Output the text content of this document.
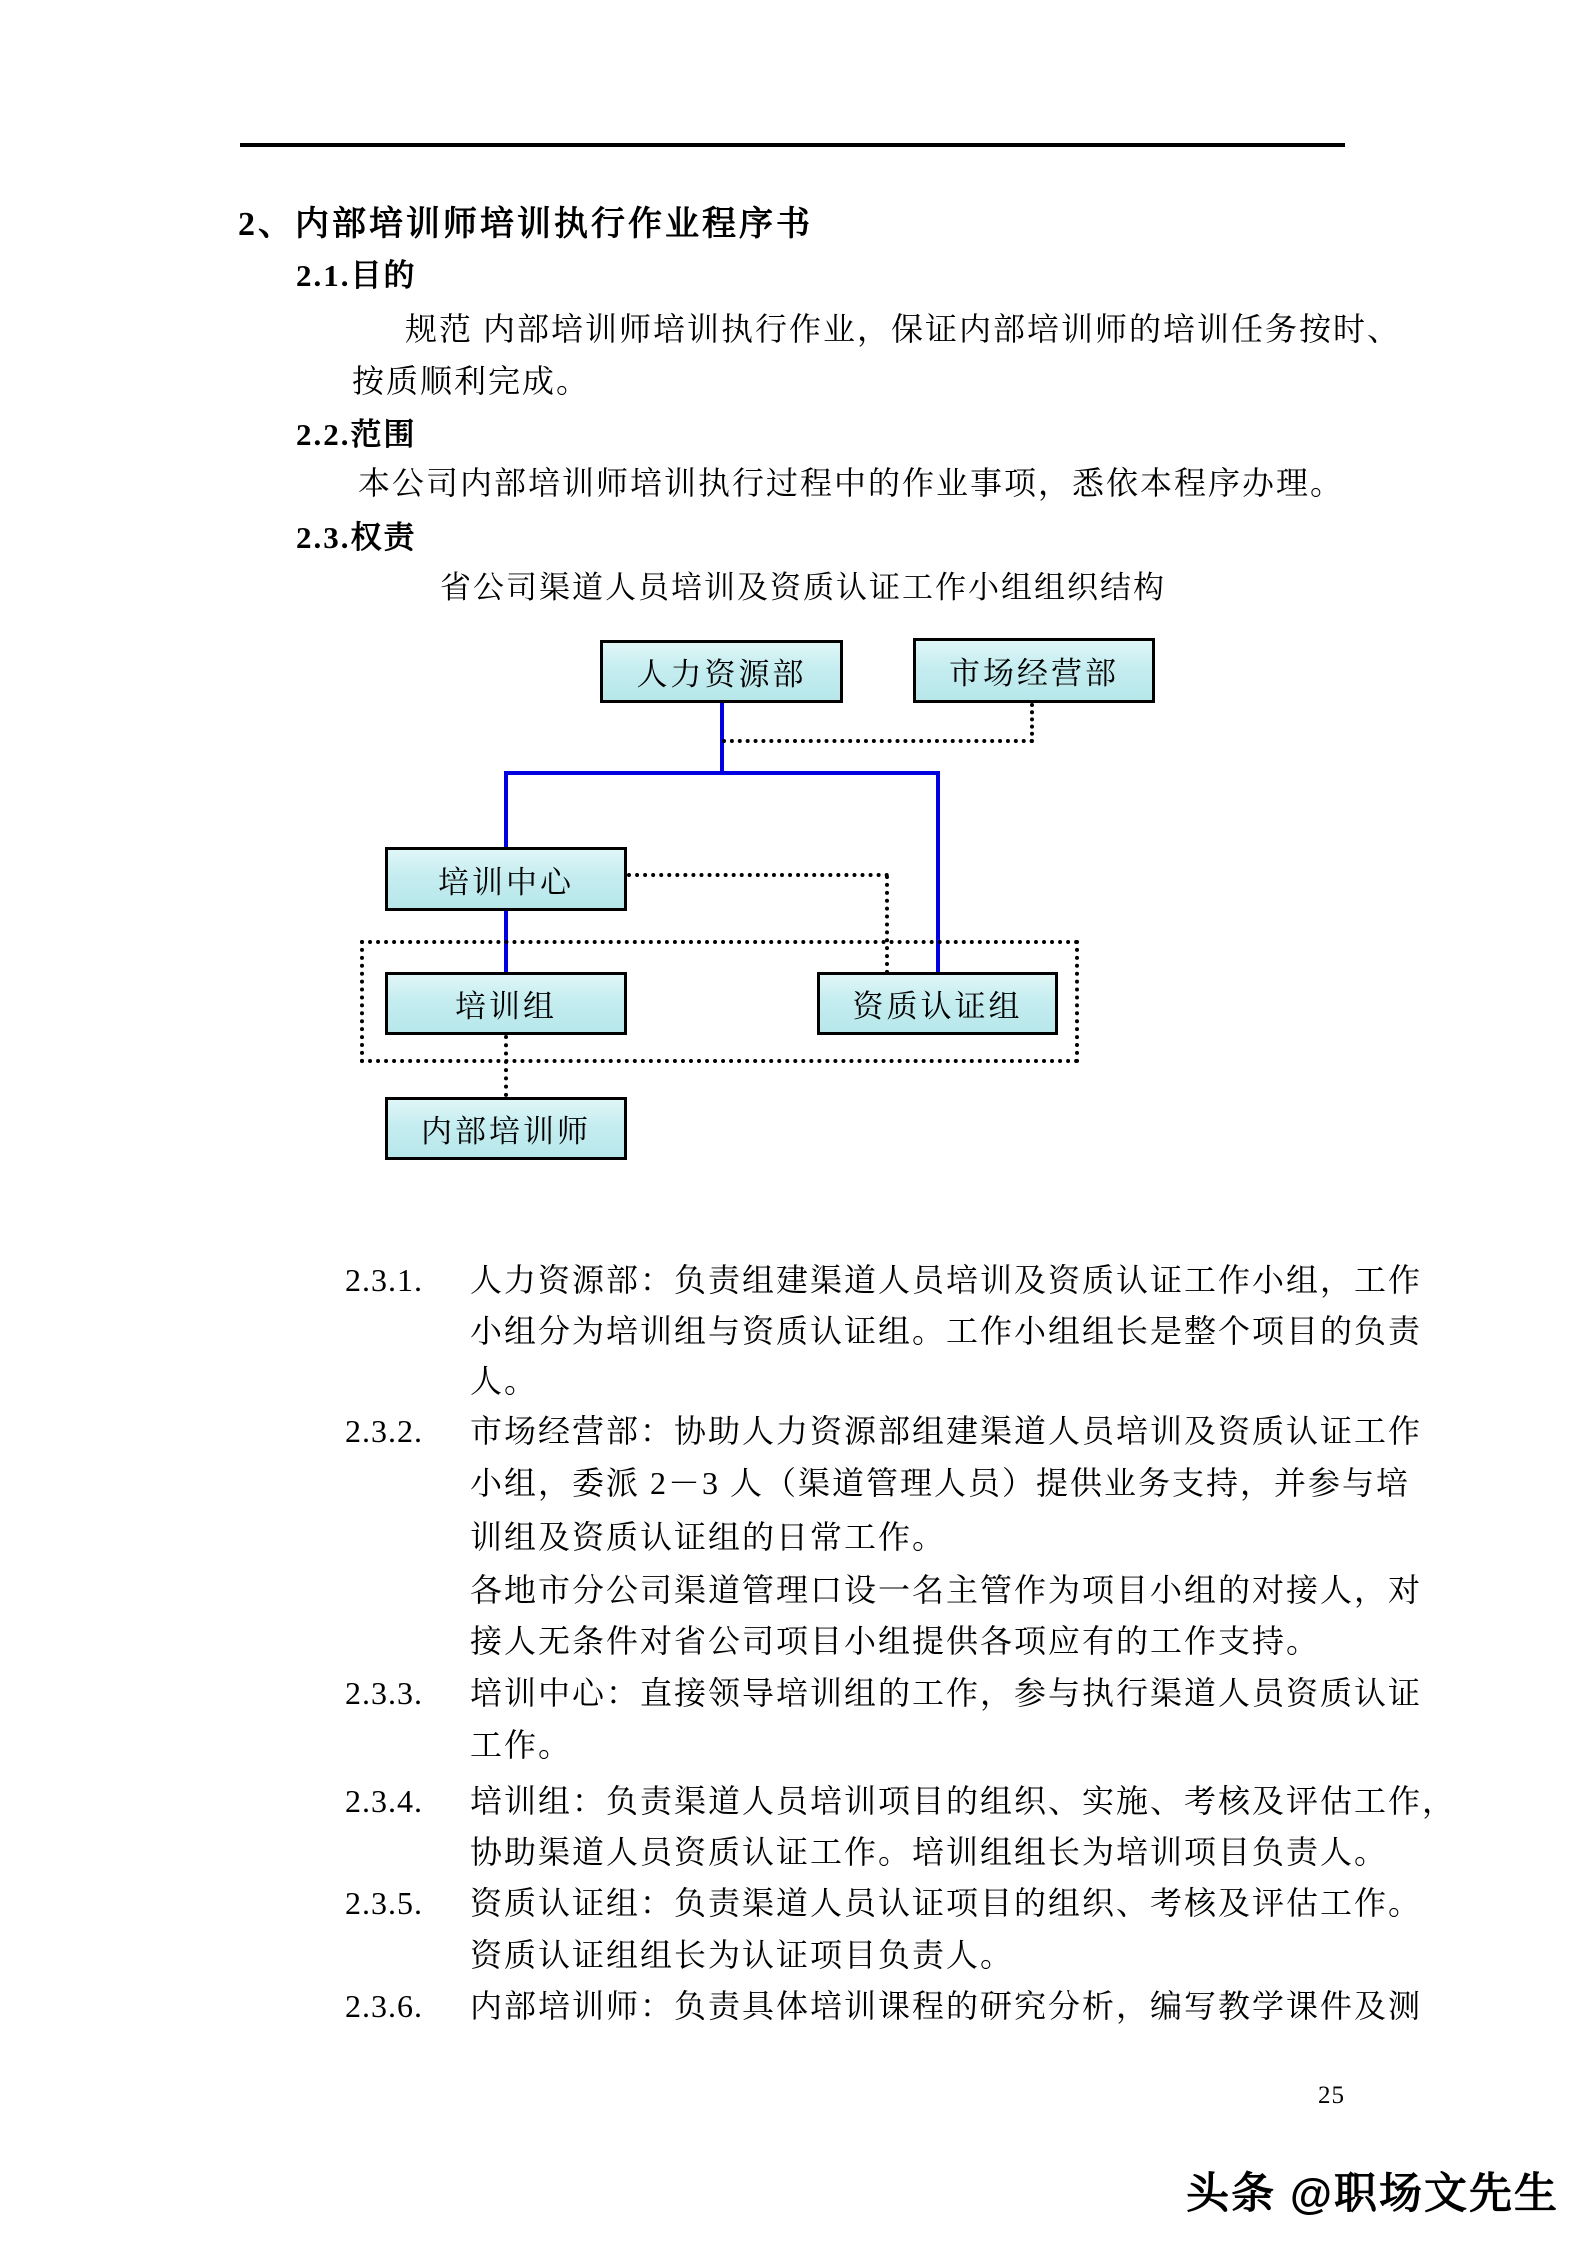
2、内部培训师培训执行作业程序书
2.1.目的
规范 内部培训师培训执行作业，保证内部培训师的培训任务按时、
按质顺利完成。
2.2.范围
本公司内部培训师培训执行过程中的作业事项，悉依本程序办理。
2.3.权责
省公司渠道人员培训及资质认证工作小组组织结构
人力资源部	市场经营部
培训中心
培训组	资质认证组
内部培训师
2.3.1. 人力资源部：负责组建渠道人员培训及资质认证工作小组，工作
小组分为培训组与资质认证组。工作小组组长是整个项目的负责
人。
2.3.2. 市场经营部：协助人力资源部组建渠道人员培训及资质认证工作
小组，委派 2－3 人（渠道管理人员）提供业务支持，并参与培
训组及资质认证组的日常工作。
各地市分公司渠道管理口设一名主管作为项目小组的对接人，对
接人无条件对省公司项目小组提供各项应有的工作支持。
2.3.3. 培训中心：直接领导培训组的工作，参与执行渠道人员资质认证
工作。
2.3.4. 培训组：负责渠道人员培训项目的组织、实施、考核及评估工作，
协助渠道人员资质认证工作。培训组组长为培训项目负责人。
2.3.5. 资质认证组：负责渠道人员认证项目的组织、考核及评估工作。
资质认证组组长为认证项目负责人。
2.3.6. 内部培训师：负责具体培训课程的研究分析，编写教学课件及测
25
头条 @职场文先生
